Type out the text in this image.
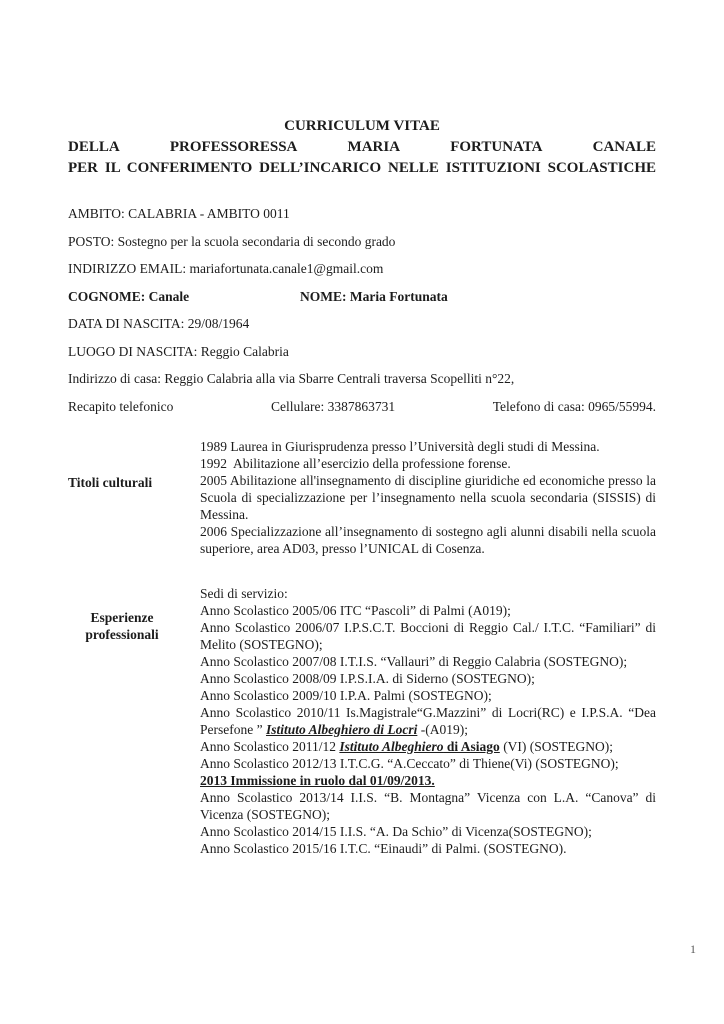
CURRICULUM VITAE

DELLA PROFESSORESSA MARIA FORTUNATA CANALE

PER IL CONFERIMENTO DELL’INCARICO NELLE ISTITUZIONI SCOLASTICHE

AMBITO: CALABRIA - AMBITO 0011

POSTO: Sostegno per la scuola secondaria di secondo grado

INDIRIZZO EMAIL: mariafortunata.canale1@gmail.com

COGNOME: Canale	NOME: Maria Fortunata

DATA DI NASCITA: 29/08/1964

LUOGO DI NASCITA: Reggio Calabria

Indirizzo di casa: Reggio Calabria alla via Sbarre Centrali traversa Scopelliti n°22,

Recapito telefonico	Cellulare: 3387863731	Telefono di casa: 0965/55994.

Titoli culturali

1989 Laurea in Giurisprudenza presso l’Università degli studi di Messina.

1992  Abilitazione all’esercizio della professione forense.

2005 Abilitazione all'insegnamento di discipline giuridiche ed economiche presso la Scuola di specializzazione per l’insegnamento nella scuola secondaria (SISSIS) di Messina.

2006 Specializzazione all’insegnamento di sostegno agli alunni disabili nella scuola superiore, area AD03, presso l’UNICAL di Cosenza.

Esperienze
professionali

Sedi di servizio:

Anno Scolastico 2005/06 ITC “Pascoli” di Palmi (A019);

Anno Scolastico 2006/07 I.P.S.C.T. Boccioni di Reggio Cal./ I.T.C. “Familiari” di Melito (SOSTEGNO);

Anno Scolastico 2007/08 I.T.I.S. “Vallauri” di Reggio Calabria (SOSTEGNO);

Anno Scolastico 2008/09 I.P.S.I.A. di Siderno (SOSTEGNO);

Anno Scolastico 2009/10 I.P.A. Palmi (SOSTEGNO);

Anno Scolastico 2010/11 Is.Magistrale“G.Mazzini” di Locri(RC) e I.P.S.A. “Dea Persefone ” Istituto Albeghiero di Locri -(A019);

Anno Scolastico 2011/12 Istituto Albeghiero di Asiago (VI) (SOSTEGNO);

Anno Scolastico 2012/13 I.T.C.G. “A.Ceccato” di Thiene(Vi) (SOSTEGNO);

2013 Immissione in ruolo dal 01/09/2013.

Anno Scolastico 2013/14 I.I.S. “B. Montagna” Vicenza con L.A. “Canova” di Vicenza (SOSTEGNO);

Anno Scolastico 2014/15 I.I.S. “A. Da Schio” di Vicenza(SOSTEGNO);

Anno Scolastico 2015/16 I.T.C. “Einaudi” di Palmi. (SOSTEGNO).

1
